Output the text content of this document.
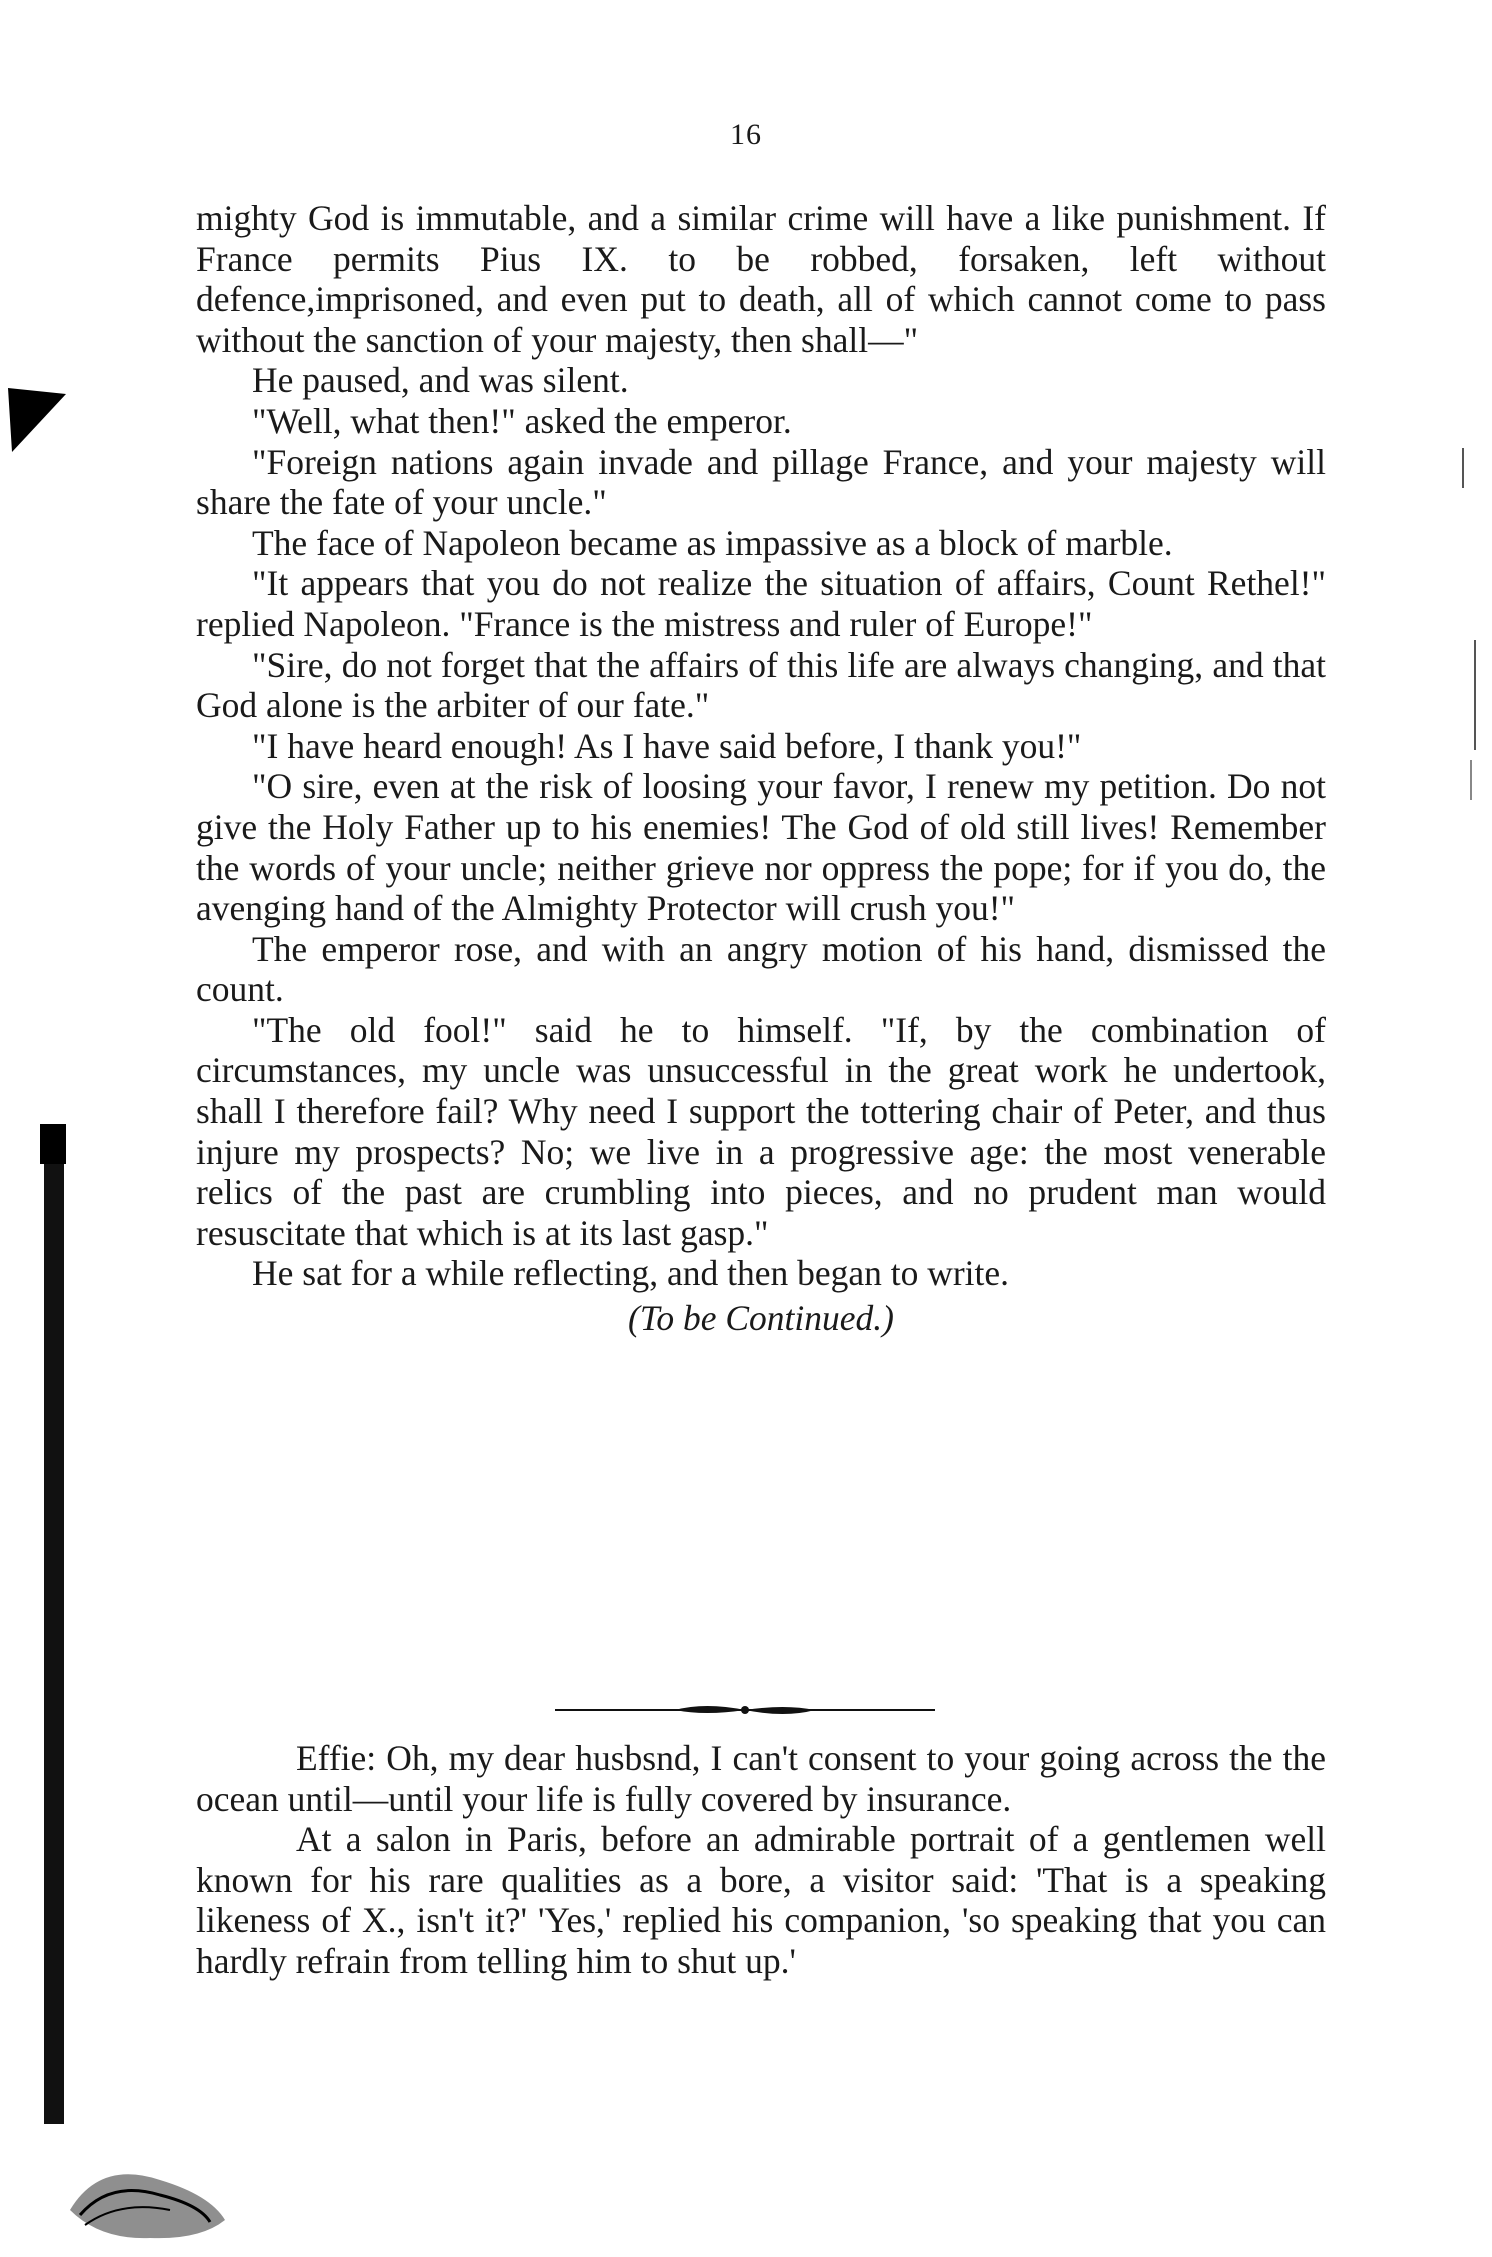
16

mighty God is immutable, and a similar crime will have a like punishment. If France permits Pius IX. to be robbed, forsaken, left without defence,imprisoned, and even put to death, all of which cannot come to pass without the sanction of your majesty, then shall—"

He paused, and was silent.

"Well, what then!" asked the emperor.

"Foreign nations again invade and pillage France, and your majesty will share the fate of your uncle."

The face of Napoleon became as impassive as a block of marble.

"It appears that you do not realize the situation of affairs, Count Rethel!" replied Napoleon. "France is the mistress and ruler of Europe!"

"Sire, do not forget that the affairs of this life are always changing, and that God alone is the arbiter of our fate."

"I have heard enough! As I have said before, I thank you!"

"O sire, even at the risk of loosing your favor, I renew my petition. Do not give the Holy Father up to his enemies! The God of old still lives! Remember the words of your uncle; neither grieve nor oppress the pope; for if you do, the avenging hand of the Almighty Protector will crush you!"

The emperor rose, and with an angry motion of his hand, dismissed the count.

"The old fool!" said he to himself. "If, by the combination of circumstances, my uncle was unsuccessful in the great work he undertook, shall I therefore fail? Why need I support the tottering chair of Peter, and thus injure my prospects? No; we live in a progressive age: the most venerable relics of the past are crumbling into pieces, and no prudent man would resuscitate that which is at its last gasp."

He sat for a while reflecting, and then began to write.

(To be Continued.)

Effie: Oh, my dear husbsnd, I can't consent to your going across the the ocean until—until your life is fully covered by insurance.

At a salon in Paris, before an admirable portrait of a gentlemen well known for his rare qualities as a bore, a visitor said: 'That is a speaking likeness of X., isn't it?' 'Yes,' replied his companion, 'so speaking that you can hardly refrain from telling him to shut up.'
